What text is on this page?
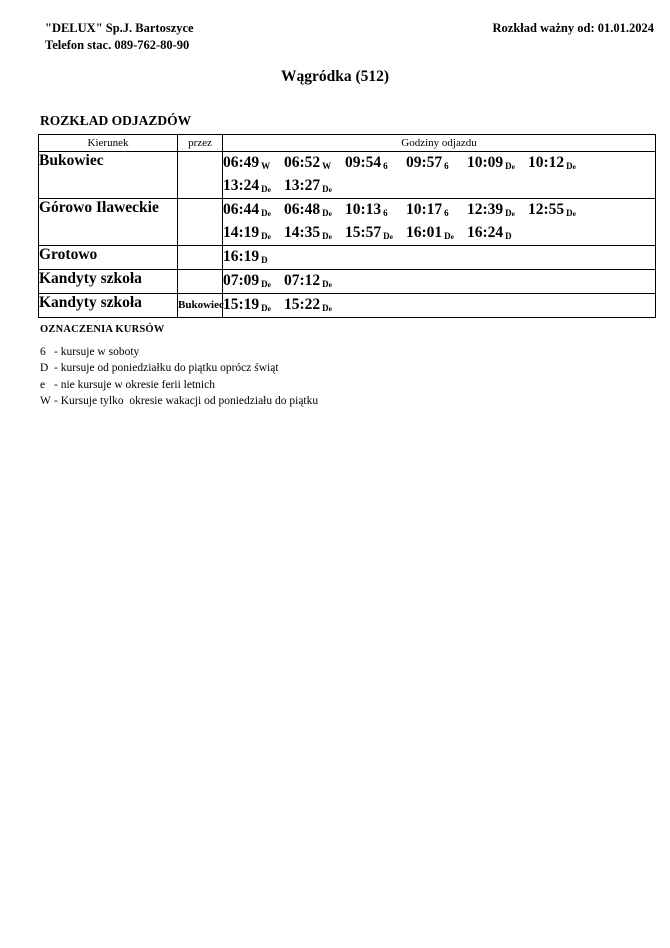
"DELUX" Sp.J. Bartoszyce
Telefon stac. 089-762-80-90
Rozkład ważny od: 01.01.2024
Wągródka (512)
ROZKŁAD ODJAZDÓW
Kierunek	przez	Godziny odjazdu
Bukowiec		06:49 W 06:52 W 09:54 6 09:57 6 10:09 De 10:12 De
13:24 De 13:27 De

Górowo Iławeckie		06:44 De 06:48 De 10:13 6 10:17 6 12:39 De 12:55 De
14:19 De 14:35 De 15:57 De 16:01 De 16:24 D

Grotowo		16:19 D

Kandyty szkoła		07:09 De 07:12 De

Kandyty szkoła	Bukowiec	15:19 De 15:22 De
OZNACZENIA KURSÓW
6 - kursuje w soboty
D - kursuje od poniedziałku do piątku oprócz świąt
e - nie kursuje w okresie ferii letnich
W - Kursuje tylko  okresie wakacji od poniedziału do piątku
